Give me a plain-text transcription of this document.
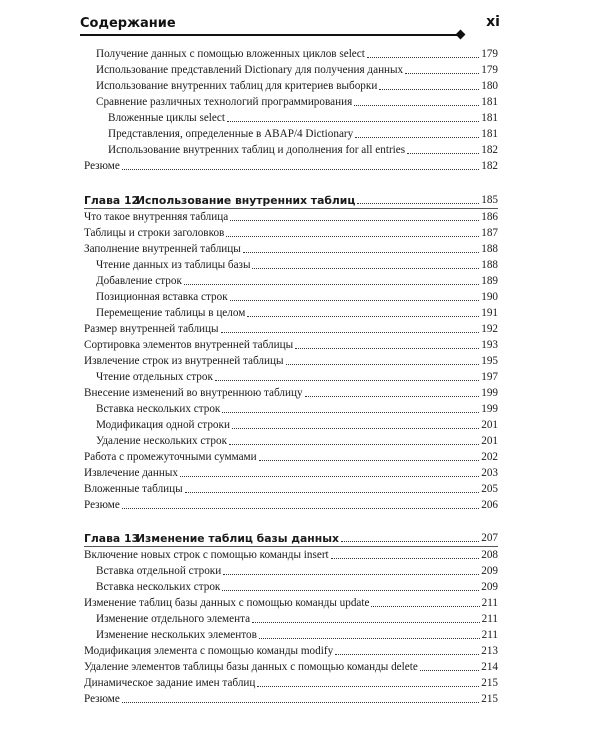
Содержание	xi
Получение данных с помощью вложенных циклов select	179
Использование представлений Dictionary для получения данных	179
Использование внутренних таблиц для критериев выборки	180
Сравнение различных технологий программирования	181
Вложенные циклы select	181
Представления, определенные в ABAP/4 Dictionary	181
Использование внутренних таблиц и дополнения for all entries	182
Резюме	182
Глава 12Использование внутренних таблиц	185
Что такое внутренняя таблица	186
Таблицы и строки заголовков	187
Заполнение внутренней таблицы	188
Чтение данных из таблицы базы	188
Добавление строк	189
Позиционная вставка строк	190
Перемещение таблицы в целом	191
Размер внутренней таблицы	192
Сортировка элементов внутренней таблицы	193
Извлечение строк из внутренней таблицы	195
Чтение отдельных строк	197
Внесение изменений во внутреннюю таблицу	199
Вставка нескольких строк	199
Модификация одной строки	201
Удаление нескольких строк	201
Работа с промежуточными суммами	202
Извлечение данных	203
Вложенные таблицы	205
Резюме	206
Глава 13Изменение таблиц базы данных	207
Включение новых строк с помощью команды insert	208
Вставка отдельной строки	209
Вставка нескольких строк	209
Изменение таблиц базы данных с помощью команды update	211
Изменение отдельного элемента	211
Изменение нескольких элементов	211
Модификация элемента с помощью команды modify	213
Удаление элементов таблицы базы данных с помощью команды delete	214
Динамическое задание имен таблиц	215
Резюме	215
